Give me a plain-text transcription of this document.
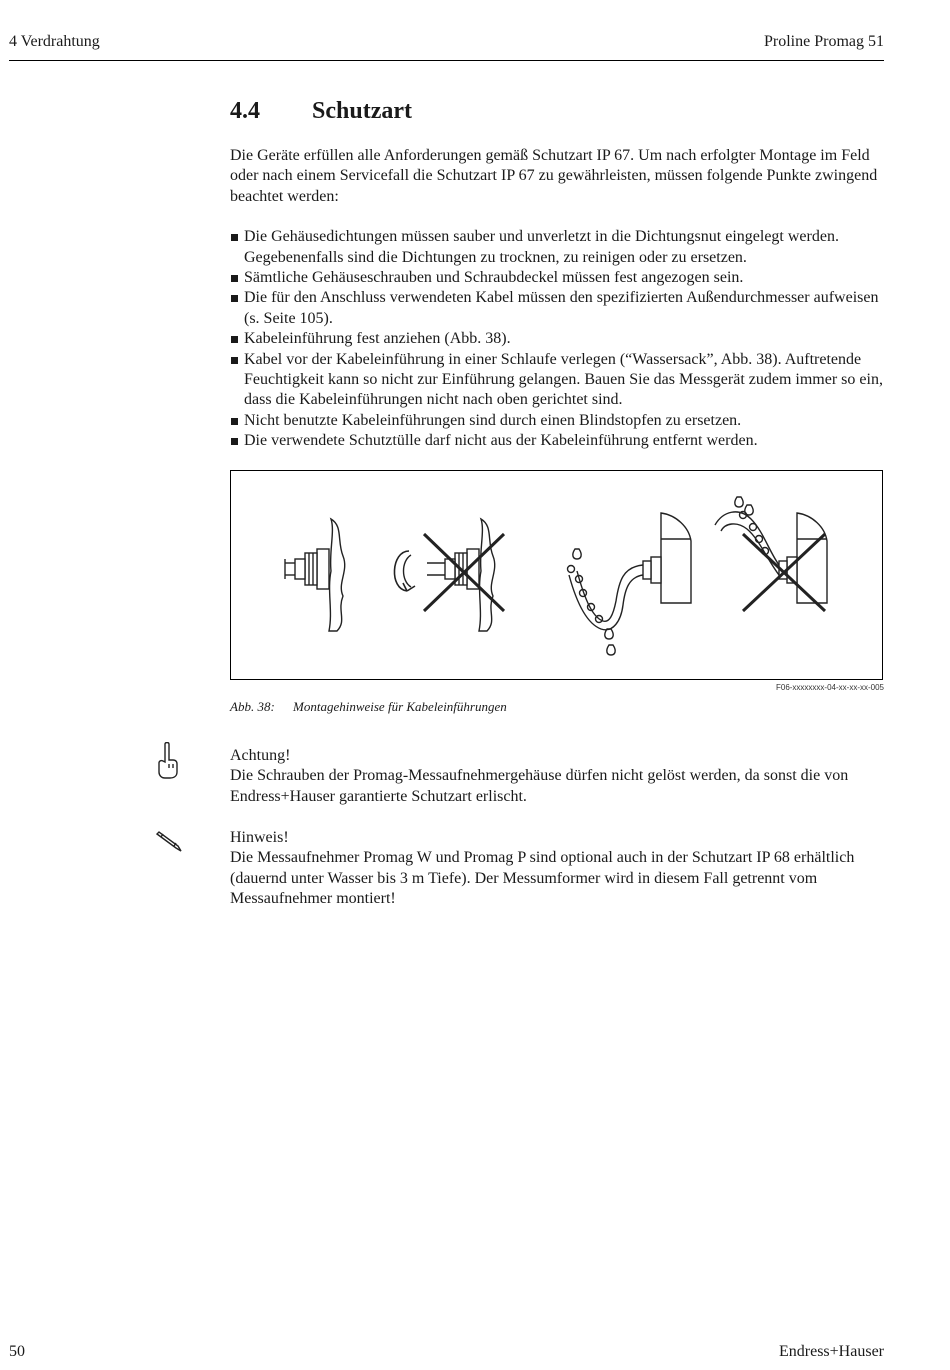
4 Verdrahtung	Proline Promag 51
4.4 Schutzart

Die Geräte erfüllen alle Anforderungen gemäß Schutzart IP 67. Um nach erfolgter Montage im Feld oder nach einem Servicefall die Schutzart IP 67 zu gewährleisten, müssen folgende Punkte zwingend beachtet werden:

Die Gehäusedichtungen müssen sauber und unverletzt in die Dichtungsnut eingelegt werden. Gegebenenfalls sind die Dichtungen zu trocknen, zu reinigen oder zu ersetzen.
Sämtliche Gehäuseschrauben und Schraubdeckel müssen fest angezogen sein.
Die für den Anschluss verwendeten Kabel müssen den spezifizierten Außendurchmesser aufweisen (s. Seite 105).
Kabeleinführung fest anziehen (Abb. 38).
Kabel vor der Kabeleinführung in einer Schlaufe verlegen (“Wassersack”, Abb. 38). Auftretende Feuchtigkeit kann so nicht zur Einführung gelangen. Bauen Sie das Messgerät zudem immer so ein, dass die Kabeleinführungen nicht nach oben gerichtet sind.
Nicht benutzte Kabeleinführungen sind durch einen Blindstopfen zu ersetzen.
Die verwendete Schutztülle darf nicht aus der Kabeleinführung entfernt werden.
F06-xxxxxxxx-04-xx-xx-xx-005
Abb. 38: Montagehinweise für Kabeleinführungen
Achtung!
Die Schrauben der Promag-Messaufnehmergehäuse dürfen nicht gelöst werden, da sonst die von Endress+Hauser garantierte Schutzart erlischt.
Hinweis!
Die Messaufnehmer Promag W und Promag P sind optional auch in der Schutzart IP 68 erhältlich (dauernd unter Wasser bis 3 m Tiefe). Der Messumformer wird in diesem Fall getrennt vom Messaufnehmer montiert!
50	Endress+Hauser
